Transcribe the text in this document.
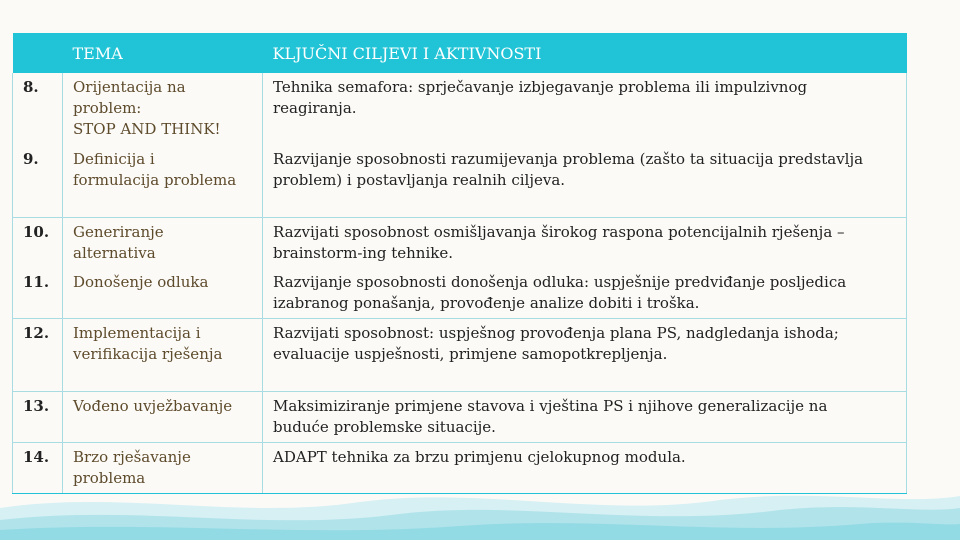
	TEMA	KLJUČNI CILJEVI I AKTIVNOSTI
8.	Orijentacija na
problem:
STOP AND THINK!	Tehnika semafora: sprječavanje izbjegavanje problema ili impulzivnog
reagiranja.
9.	Definicija i
formulacija problema	Razvijanje sposobnosti razumijevanja problema (zašto ta situacija predstavlja
problem) i postavljanja realnih ciljeva.
10.	Generiranje
alternativa	Razvijati sposobnost osmišljavanja širokog raspona potencijalnih rješenja –
brainstorm-ing tehnike.
11.	Donošenje odluka	Razvijanje sposobnosti donošenja odluka: uspješnije predviđanje posljedica
izabranog ponašanja, provođenje analize dobiti i troška.
12.	Implementacija i
verifikacija rješenja	Razvijati sposobnost: uspješnog provođenja plana PS, nadgledanja ishoda;
evaluacije uspješnosti, primjene samopotkrepljenja.
13.	Vođeno uvježbavanje	Maksimiziranje primjene stavova i vještina PS i njihove generalizacije na
buduće problemske situacije.
14.	Brzo rješavanje
problema	ADAPT tehnika za brzu primjenu cjelokupnog modula.
